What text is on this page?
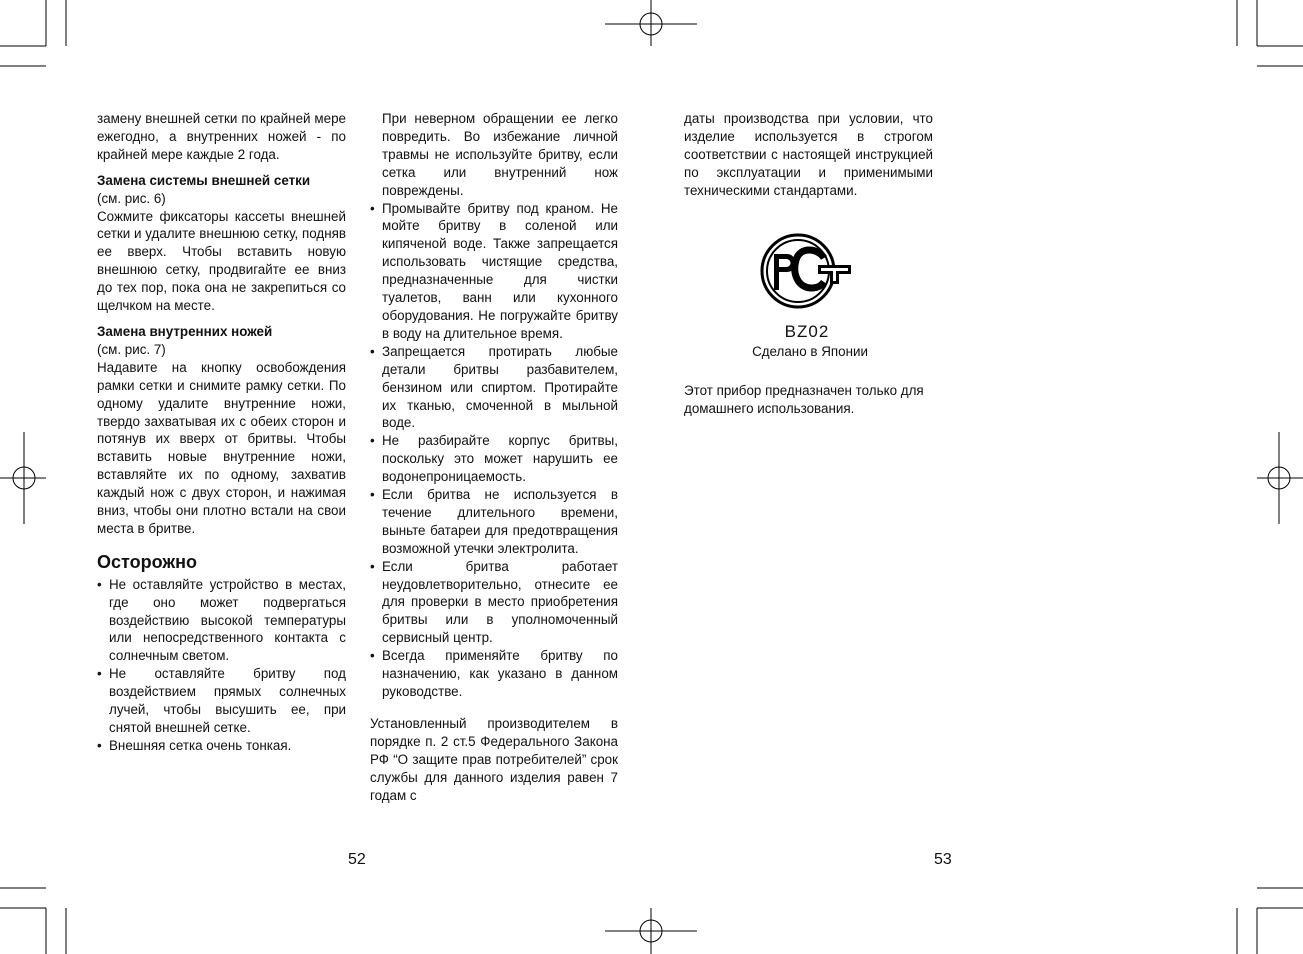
замену внешней сетки по крайней мере ежегодно, а внутренних ножей - по крайней мере каждые 2 года.

Замена системы внешней сетки

(см. рис. 6)

Сожмите фиксаторы кассеты внешней сетки и удалите внешнюю сетку, подняв ее вверх. Чтобы вставить новую внешнюю сетку, продвигайте ее вниз до тех пор, пока она не закрепиться со щелчком на месте.

Замена внутренних ножей

(см. рис. 7)

Надавите на кнопку освобождения рамки сетки и снимите рамку сетки. По одному удалите внутренние ножи, твердо захватывая их с обеих сторон и потянув их вверх от бритвы. Чтобы вставить новые внутренние ножи, вставляйте их по одному, захватив каждый нож с двух сторон, и нажимая вниз, чтобы они плотно встали на свои места в бритве.

Осторожно
• Не оставляйте устройство в местах, где оно может подвергаться воздействию высокой температуры или непосредственного контакта с солнечным светом.
• Не оставляйте бритву под воздействием прямых солнечных лучей, чтобы высушить ее, при снятой внешней сетке.
• Внешняя сетка очень тонкая.

При неверном обращении ее легко повредить. Во избежание личной травмы не используйте бритву, если сетка или внутренний нож повреждены.

• Промывайте бритву под краном. Не мойте бритву в соленой или кипяченой воде. Также запрещается использовать чистящие средства, предназначенные для чистки туалетов, ванн или кухонного оборудования. Не погружайте бритву в воду на длительное время.
• Запрещается протирать любые детали бритвы разбавителем, бензином или спиртом. Протирайте их тканью, смоченной в мыльной воде.
• Не разбирайте корпус бритвы, поскольку это может нарушить ее водонепроницаемость.
• Если бритва не используется в течение длительного времени, выньте батареи для предотвращения возможной утечки электролита.
• Если бритва работает неудовлетворительно, отнесите ее для проверки в место приобретения бритвы или в уполномоченный сервисный центр.
• Всегда применяйте бритву по назначению, как указано в данном руководстве.

Установленный производителем в порядке п. 2 ст.5 Федерального Закона РФ “О защите прав потребителей” срок службы для данного изделия равен 7 годам с

52

даты производства при условии, что изделие используется в строгом соответствии с настоящей инструкцией по эксплуатации и применимыми техническими стандартами.

BZ02
Сделано в Японии

Этот прибор предназначен только для домашнего использования.

53
